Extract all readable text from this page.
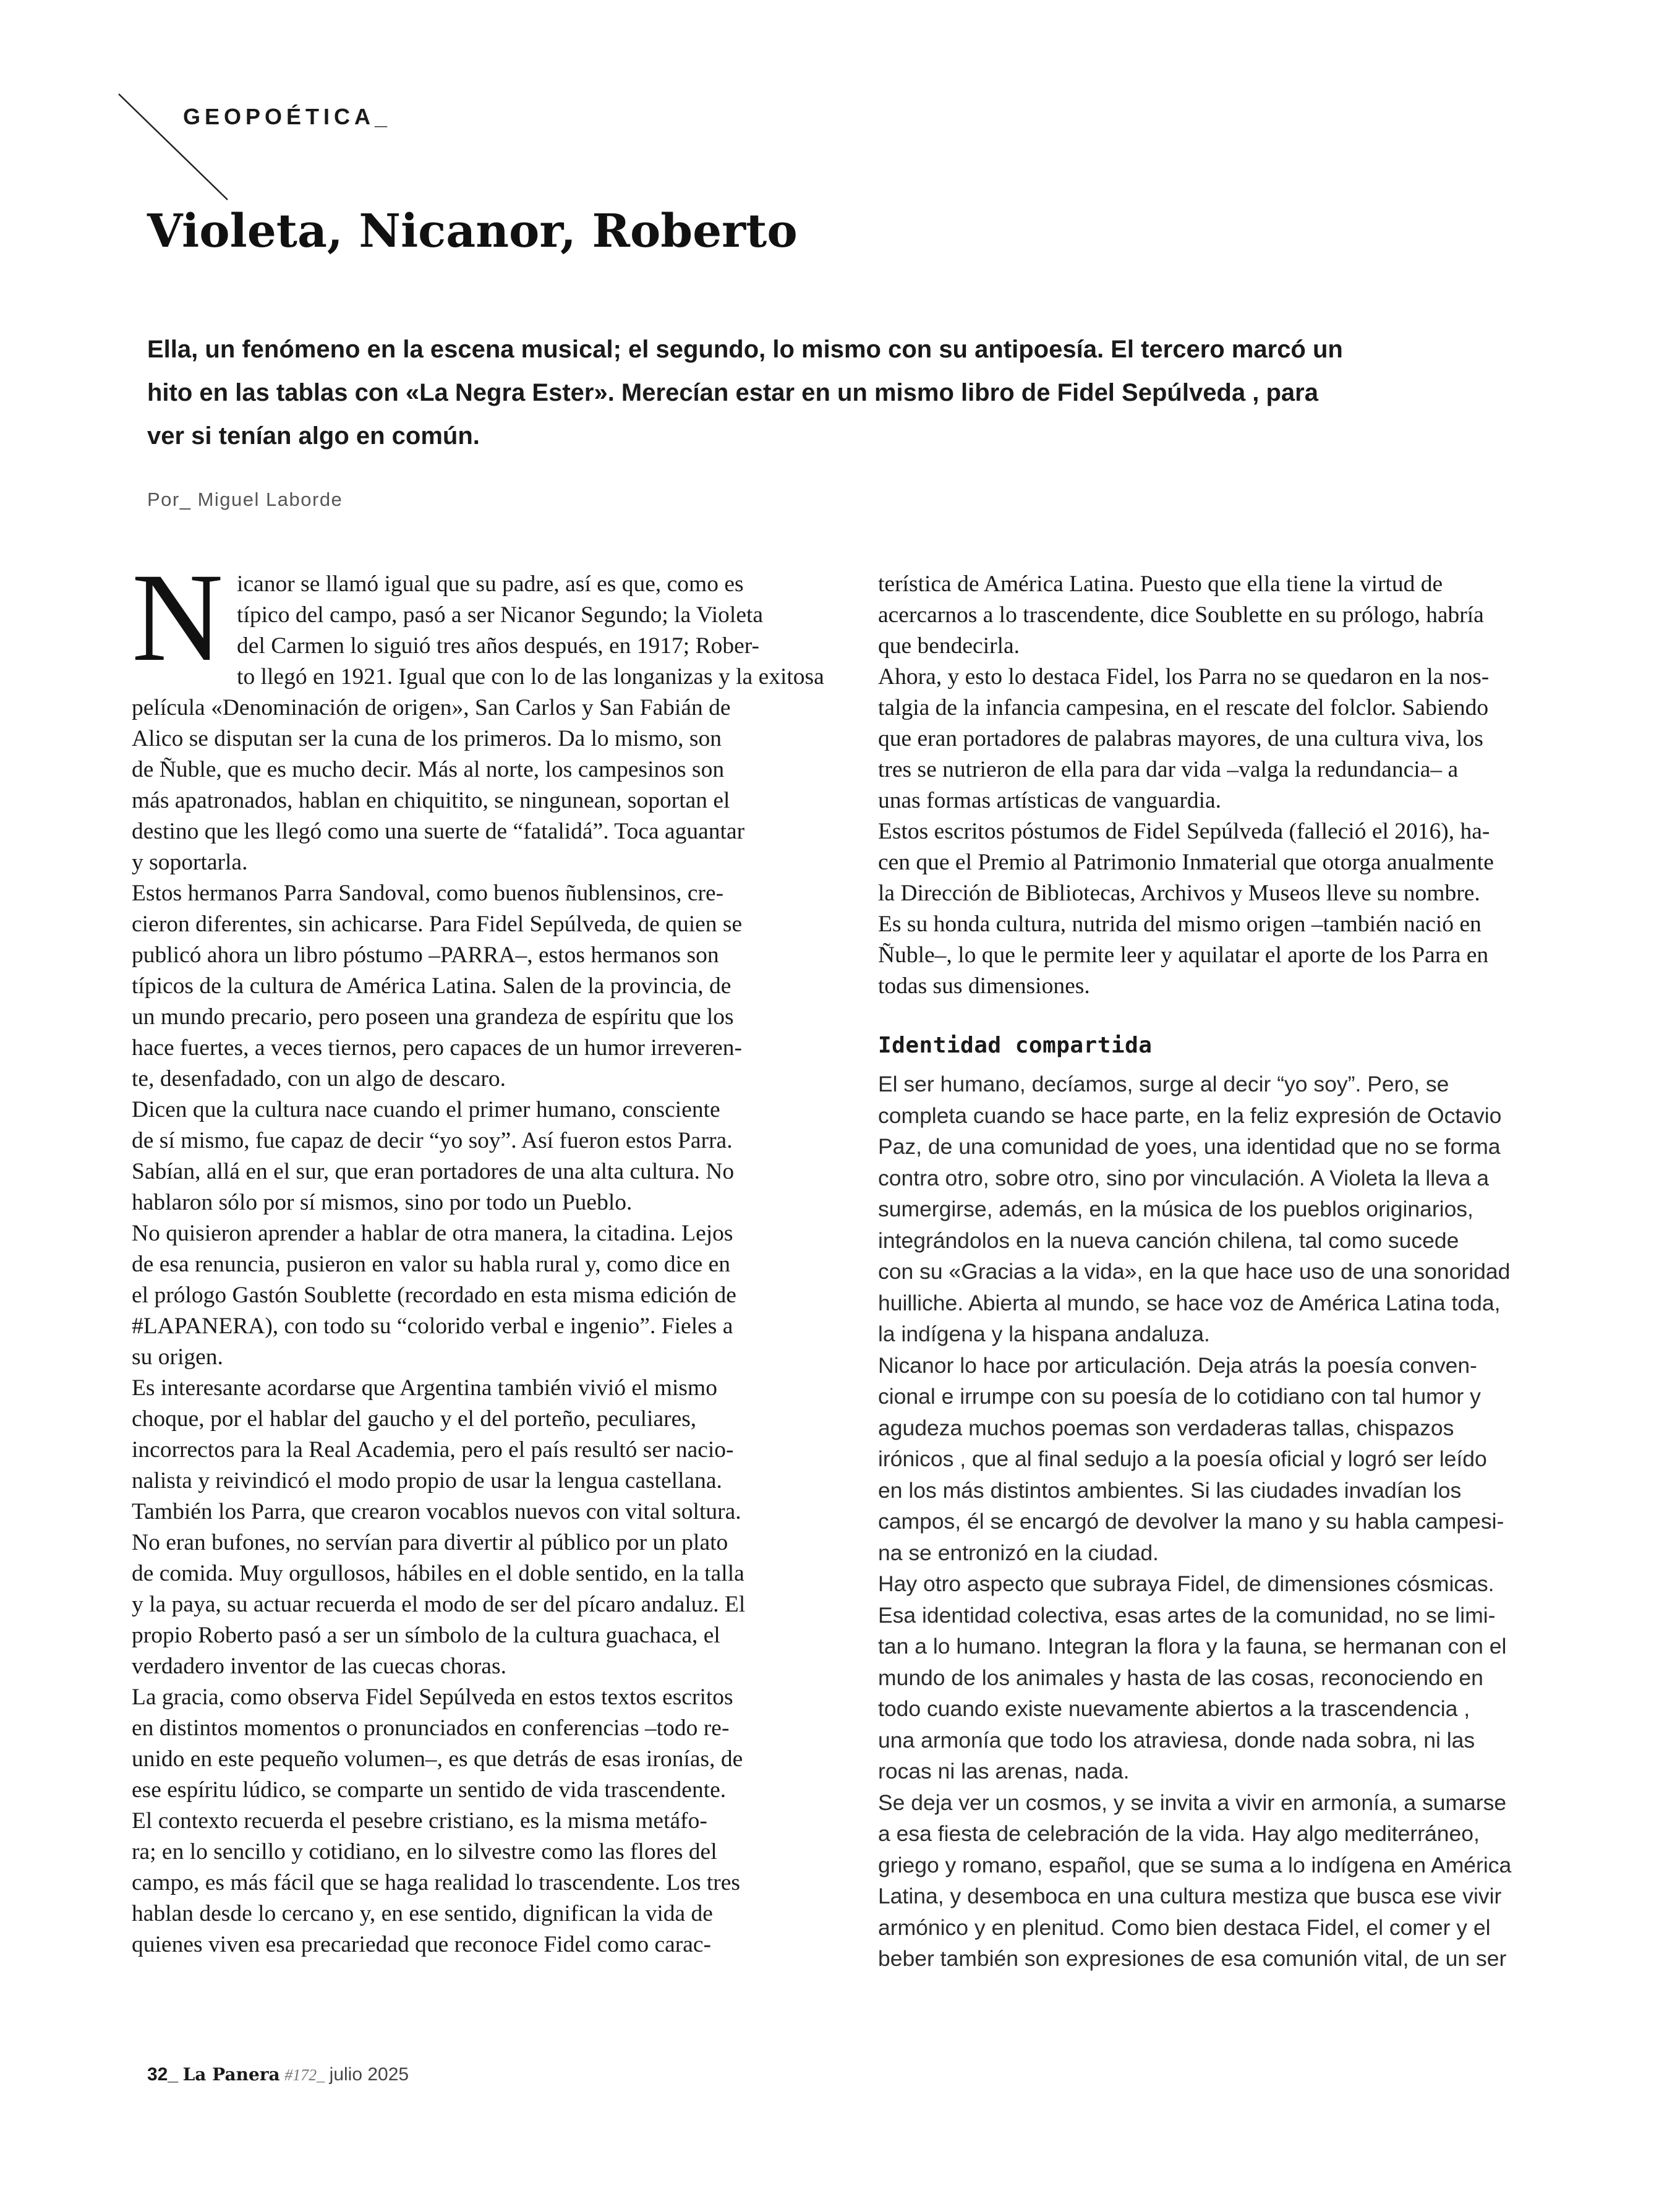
GEOPOÉTICA_
Violeta, Nicanor, Roberto

Ella, un fenómeno en la escena musical; el segundo, lo mismo con su antipoesía. El tercero marcó un

hito en las tablas con «La Negra Ester». Merecían estar en un mismo libro de Fidel Sepúlveda , para

ver si tenían algo en común.

Por_ Miguel Laborde
N icanor se llamó igual que su padre, así es que, como es

típico del campo, pasó a ser Nicanor Segundo; la Violeta

del Carmen lo siguió tres años después, en 1917; Rober-

to llegó en 1921. Igual que con lo de las longanizas y la exitosa

película «Denominación de origen», San Carlos y San Fabián de

Alico se disputan ser la cuna de los primeros. Da lo mismo, son

de Ñuble, que es mucho decir. Más al norte, los campesinos son

más apatronados, hablan en chiquitito, se ningunean, soportan el

destino que les llegó como una suerte de “fatalidá”. Toca aguantar

y soportarla.

Estos hermanos Parra Sandoval, como buenos ñublensinos, cre-

cieron diferentes, sin achicarse. Para Fidel Sepúlveda, de quien se

publicó ahora un libro póstumo –PARRA–, estos hermanos son

típicos de la cultura de América Latina. Salen de la provincia, de

un mundo precario, pero poseen una grandeza de espíritu que los

hace fuertes, a veces tiernos, pero capaces de un humor irreveren-

te, desenfadado, con un algo de descaro.

Dicen que la cultura nace cuando el primer humano, consciente

de sí mismo, fue capaz de decir “yo soy”. Así fueron estos Parra.

Sabían, allá en el sur, que eran portadores de una alta cultura. No

hablaron sólo por sí mismos, sino por todo un Pueblo.

No quisieron aprender a hablar de otra manera, la citadina. Lejos

de esa renuncia, pusieron en valor su habla rural y, como dice en

el prólogo Gastón Soublette (recordado en esta misma edición de

#LAPANERA), con todo su “colorido verbal e ingenio”. Fieles a

su origen.

Es interesante acordarse que Argentina también vivió el mismo

choque, por el hablar del gaucho y el del porteño, peculiares,

incorrectos para la Real Academia, pero el país resultó ser nacio-

nalista y reivindicó el modo propio de usar la lengua castellana.

También los Parra, que crearon vocablos nuevos con vital soltura.

No eran bufones, no servían para divertir al público por un plato

de comida. Muy orgullosos, hábiles en el doble sentido, en la talla

y la paya, su actuar recuerda el modo de ser del pícaro andaluz. El

propio Roberto pasó a ser un símbolo de la cultura guachaca, el

verdadero inventor de las cuecas choras.

La gracia, como observa Fidel Sepúlveda en estos textos escritos

en distintos momentos o pronunciados en conferencias –todo re-

unido en este pequeño volumen–, es que detrás de esas ironías, de

ese espíritu lúdico, se comparte un sentido de vida trascendente.

El contexto recuerda el pesebre cristiano, es la misma metáfo-

ra; en lo sencillo y cotidiano, en lo silvestre como las flores del

campo, es más fácil que se haga realidad lo trascendente. Los tres

hablan desde lo cercano y, en ese sentido, dignifican la vida de

quienes viven esa precariedad que reconoce Fidel como carac-

terística de América Latina. Puesto que ella tiene la virtud de

acercarnos a lo trascendente, dice Soublette en su prólogo, habría

que bendecirla.

Ahora, y esto lo destaca Fidel, los Parra no se quedaron en la nos-

talgia de la infancia campesina, en el rescate del folclor. Sabiendo

que eran portadores de palabras mayores, de una cultura viva, los

tres se nutrieron de ella para dar vida –valga la redundancia– a

unas formas artísticas de vanguardia.

Estos escritos póstumos de Fidel Sepúlveda (falleció el 2016), ha-

cen que el Premio al Patrimonio Inmaterial que otorga anualmente

la Dirección de Bibliotecas, Archivos y Museos lleve su nombre.

Es su honda cultura, nutrida del mismo origen –también nació en

Ñuble–, lo que le permite leer y aquilatar el aporte de los Parra en

todas sus dimensiones.

Identidad compartida

El ser humano, decíamos, surge al decir “yo soy”. Pero, se

completa cuando se hace parte, en la feliz expresión de Octavio

Paz, de una comunidad de yoes, una identidad que no se forma

contra otro, sobre otro, sino por vinculación. A Violeta la lleva a

sumergirse, además, en la música de los pueblos originarios,

integrándolos en la nueva canción chilena, tal como sucede

con su «Gracias a la vida», en la que hace uso de una sonoridad

huilliche. Abierta al mundo, se hace voz de América Latina toda,

la indígena y la hispana andaluza.

Nicanor lo hace por articulación. Deja atrás la poesía conven-

cional e irrumpe con su poesía de lo cotidiano con tal humor y

agudeza muchos poemas son verdaderas tallas, chispazos

irónicos , que al final sedujo a la poesía oficial y logró ser leído

en los más distintos ambientes. Si las ciudades invadían los

campos, él se encargó de devolver la mano y su habla campesi-

na se entronizó en la ciudad.

Hay otro aspecto que subraya Fidel, de dimensiones cósmicas.

Esa identidad colectiva, esas artes de la comunidad, no se limi-

tan a lo humano. Integran la flora y la fauna, se hermanan con el

mundo de los animales y hasta de las cosas, reconociendo en

todo cuando existe nuevamente abiertos a la trascendencia ,

una armonía que todo los atraviesa, donde nada sobra, ni las

rocas ni las arenas, nada.

Se deja ver un cosmos, y se invita a vivir en armonía, a sumarse

a esa fiesta de celebración de la vida. Hay algo mediterráneo,

griego y romano, español, que se suma a lo indígena en América

Latina, y desemboca en una cultura mestiza que busca ese vivir

armónico y en plenitud. Como bien destaca Fidel, el comer y el

beber también son expresiones de esa comunión vital, de un ser

32_ La Panera #172_ julio 2025
